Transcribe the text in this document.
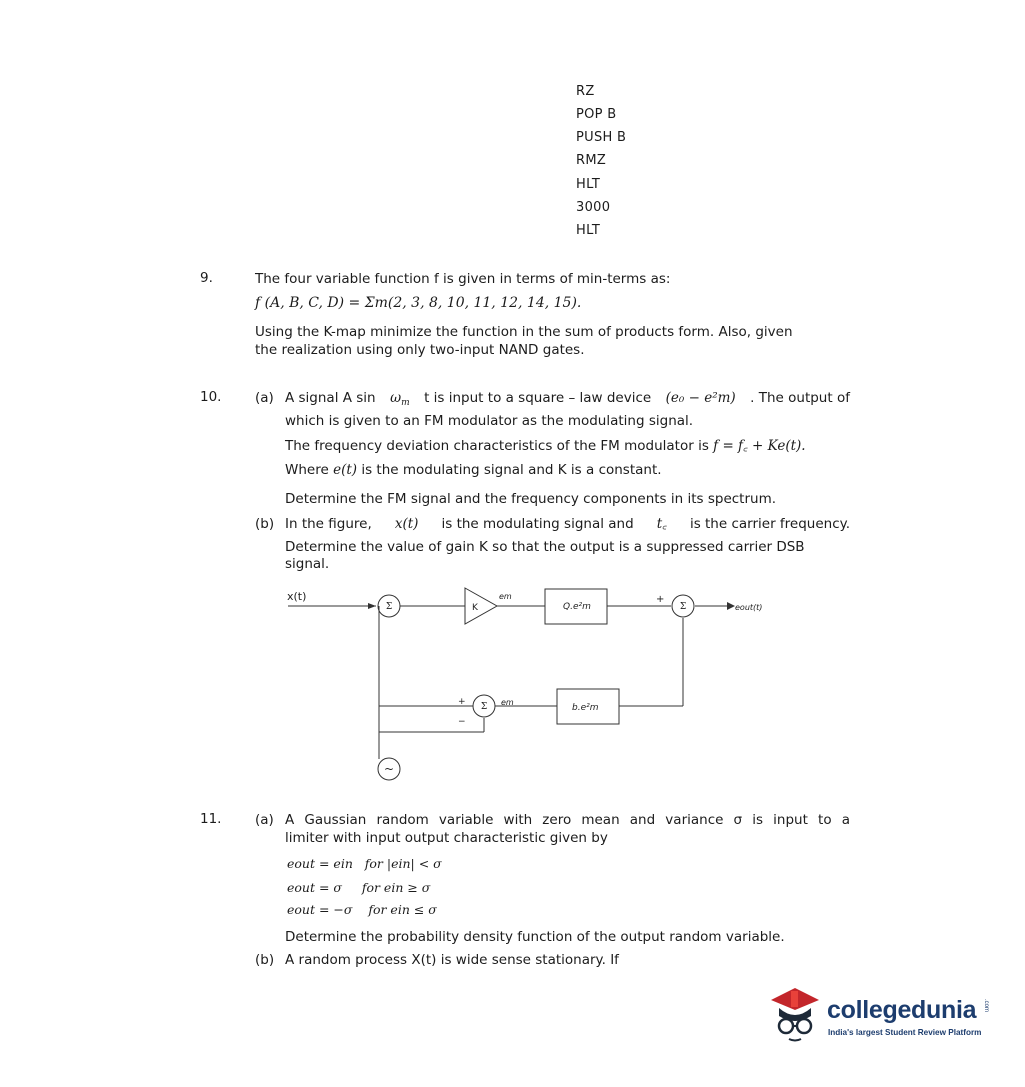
RZ
POP B
PUSH B
RMZ
HLT
3000
HLT
9.	The four variable function f is given in terms of min-terms as:
f (A, B, C, D) = Σm(2, 3, 8, 10, 11, 12, 14, 15).
Using the K-map minimize the function in the sum of products form. Also, given
the realization using only two-input NAND gates.
10. (a) A signal A $\sin \omega_m$ t is input to a square – law device (e₀ − e²m) . The output of
which is given to an FM modulator as the modulating signal.
The frequency deviation characteristics of the FM modulator is f = f꜀ + Ke(t).
Where e(t) is the modulating signal and K is a constant.
Determine the FM signal and the frequency components in its spectrum.
(b) In the figure, x(t) is the modulating signal and t꜀ is the carrier frequency.
Determine the value of gain K so that the output is a suppressed carrier DSB
signal.
Σ	Σ
Σ
~
x(t)
K
em
em
Q.e²m
b.e²m
+
+
−
eout(t)
11. (a) A Gaussian random variable with zero mean and variance σ is input to a
limiter with input output characteristic given by
eout = ein   for |ein| < σ
eout = σ     for ein ≥ σ
eout = −σ    for ein ≤ σ
Determine the probability density function of the output random variable.
(b) A random process X(t) is wide sense stationary. If
collegedunia .com
India's largest Student Review Platform
